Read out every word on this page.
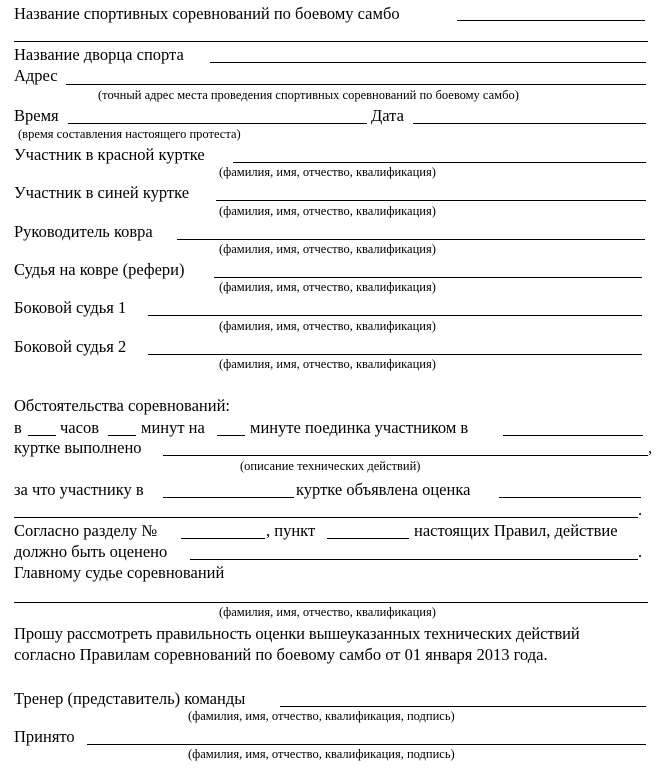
Название спортивных соревнований по боевому самбо
Название дворца спорта
Адрес
(точный адрес места проведения спортивных соревнований по боевому самбо)
Время	Дата
(время составления настоящего протеста)
Участник в красной куртке
(фамилия, имя, отчество, квалификация)
Участник в синей куртке
(фамилия, имя, отчество, квалификация)
Руководитель ковра
(фамилия, имя, отчество, квалификация)
Судья на ковре (рефери)
(фамилия, имя, отчество, квалификация)
Боковой судья 1
(фамилия, имя, отчество, квалификация)
Боковой судья 2
(фамилия, имя, отчество, квалификация)
Обстоятельства соревнований:
в часов	минут на	минуте поединка участником в
куртке выполнено	,
(описание технических действий)
за что участнику в	куртке объявлена оценка
.
Согласно разделу №	, пункт	настоящих Правил, действие
должно быть оценено	.
Главному судье соревнований
(фамилия, имя, отчество, квалификация)
Прошу рассмотреть правильность оценки вышеуказанных технических действий
согласно Правилам соревнований по боевому самбо от 01 января 2013 года.
Тренер (представитель) команды
(фамилия, имя, отчество, квалификация, подпись)
Принято
(фамилия, имя, отчество, квалификация, подпись)
